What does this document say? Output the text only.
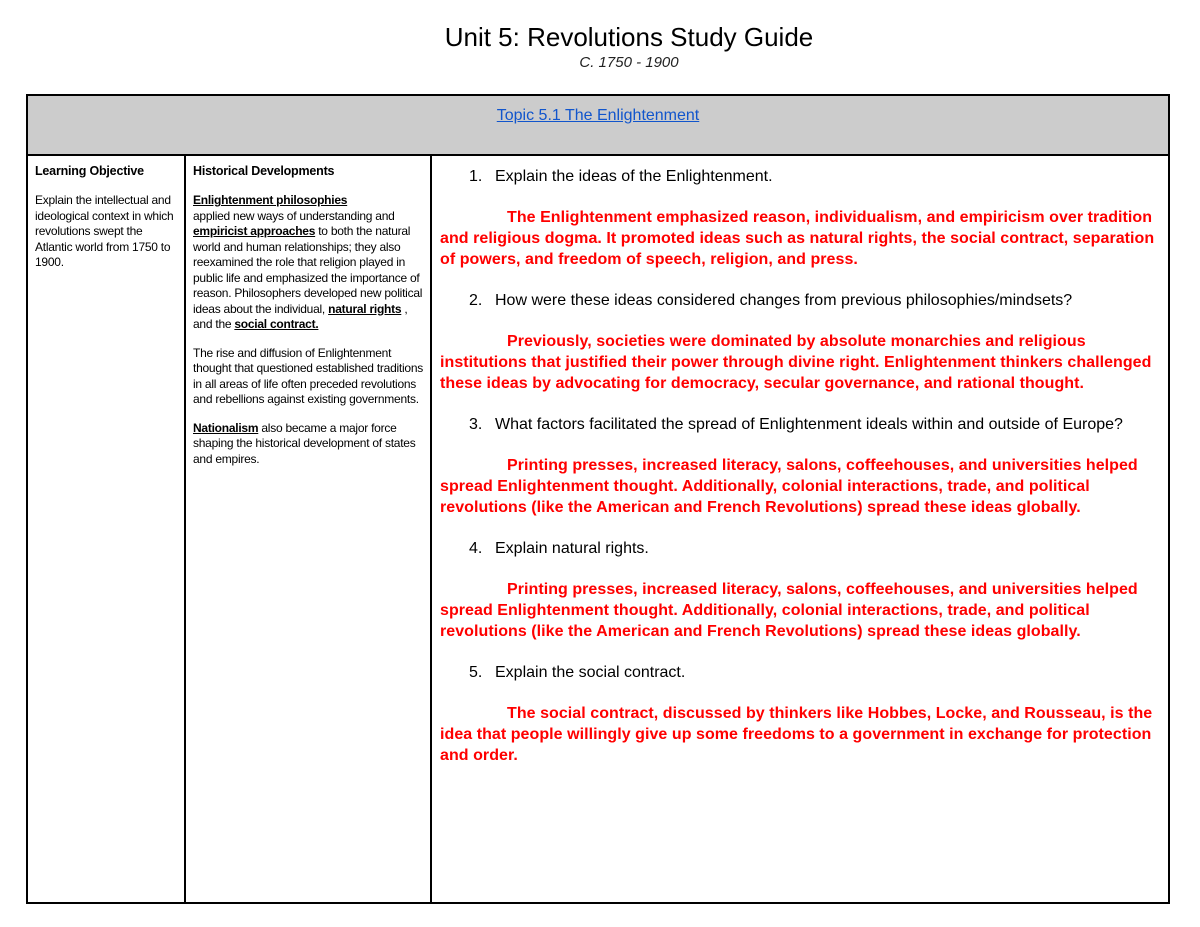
Unit 5: Revolutions Study Guide
C. 1750 - 1900
Topic 5.1 The Enlightenment
Learning Objective

Explain the intellectual and ideological context in which revolutions swept the Atlantic world from 1750 to 1900.

Historical Developments

Enlightenment philosophies
applied new ways of understanding and empiricist approaches to both the natural world and human relationships; they also reexamined the role that religion played in public life and emphasized the importance of reason. Philosophers developed new political ideas about the individual, natural rights , and the social contract.

The rise and diffusion of Enlightenment thought that questioned established traditions in all areas of life often preceded revolutions and rebellions against existing governments.

Nationalism also became a major force shaping the historical development of states and empires.

1. Explain the ideas of the Enlightenment.
The Enlightenment emphasized reason, individualism, and empiricism over tradition and religious dogma. It promoted ideas such as natural rights, the social contract, separation of powers, and freedom of speech, religion, and press.
2. How were these ideas considered changes from previous philosophies/mindsets?
Previously, societies were dominated by absolute monarchies and religious institutions that justified their power through divine right. Enlightenment thinkers challenged these ideas by advocating for democracy, secular governance, and rational thought.
3. What factors facilitated the spread of Enlightenment ideals within and outside of Europe?
Printing presses, increased literacy, salons, coffeehouses, and universities helped spread Enlightenment thought. Additionally, colonial interactions, trade, and political revolutions (like the American and French Revolutions) spread these ideas globally.
4. Explain natural rights.
Printing presses, increased literacy, salons, coffeehouses, and universities helped spread Enlightenment thought. Additionally, colonial interactions, trade, and political revolutions (like the American and French Revolutions) spread these ideas globally.
5. Explain the social contract.
The social contract, discussed by thinkers like Hobbes, Locke, and Rousseau, is the idea that people willingly give up some freedoms to a government in exchange for protection and order.
